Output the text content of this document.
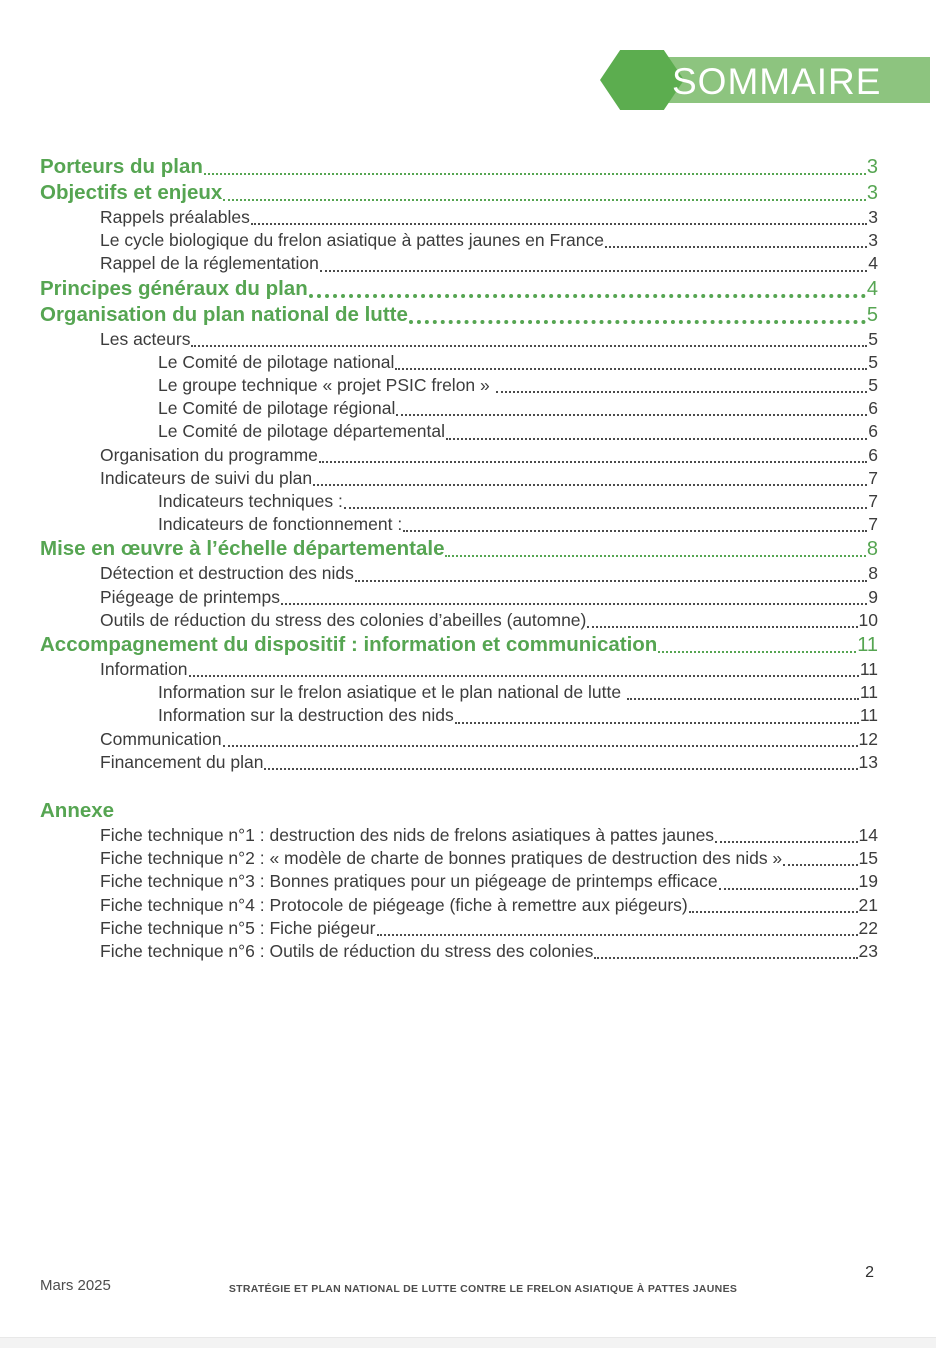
SOMMAIRE
Porteurs du plan	3
Objectifs et enjeux	3
Rappels préalables	3
Le cycle biologique du frelon asiatique à pattes jaunes en France	3
Rappel de la réglementation	4
Principes généraux du plan	4
Organisation du plan national de lutte	5
Les acteurs	5
Le Comité de pilotage national	5
Le groupe technique « projet PSIC frelon »	5
Le Comité de pilotage régional	6
Le Comité de pilotage départemental	6
Organisation du programme	6
Indicateurs de suivi du plan	7
Indicateurs techniques :	7
Indicateurs de fonctionnement :	7
Mise en œuvre à l’échelle départementale	8
Détection et destruction des nids	8
Piégeage de printemps	9
Outils de réduction du stress des colonies d’abeilles (automne)	10
Accompagnement du dispositif : information et communication	11
Information	11
Information sur le frelon asiatique et le plan national de lutte	11
Information sur la destruction des nids	11
Communication	12
Financement du plan	13
Annexe
Fiche technique n°1 : destruction des nids de frelons asiatiques à pattes jaunes	14
Fiche technique n°2 : « modèle de charte de bonnes pratiques de destruction des nids »	15
Fiche technique n°3 : Bonnes pratiques pour un piégeage de printemps efficace	19
Fiche technique n°4 : Protocole de piégeage (fiche à remettre aux piégeurs)	21
Fiche technique n°5 : Fiche piégeur	22
Fiche technique n°6 : Outils de réduction du stress des colonies	23
Mars 2025	STRATÉGIE ET PLAN NATIONAL DE LUTTE CONTRE LE FRELON ASIATIQUE À PATTES JAUNES
2
